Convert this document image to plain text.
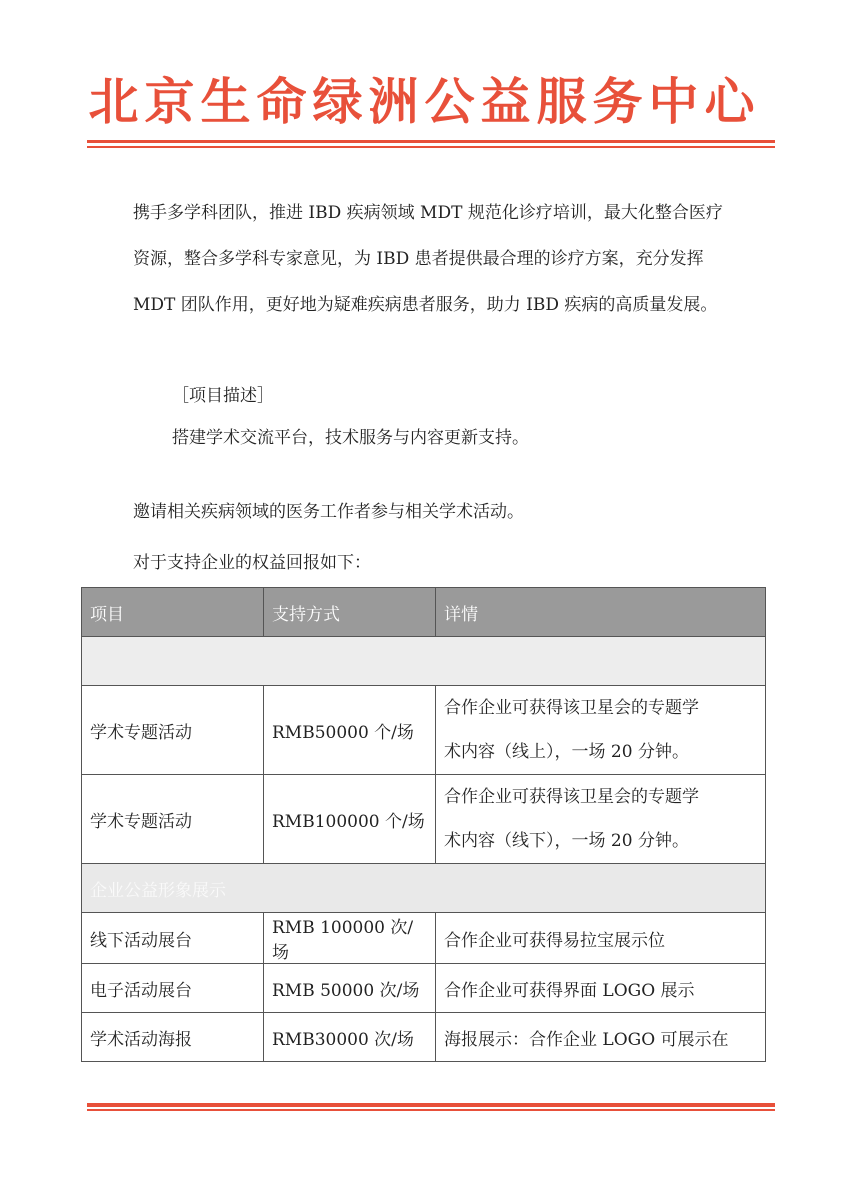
北京生命绿洲公益服务中心
携手多学科团队，推进 IBD 疾病领域 MDT 规范化诊疗培训，最大化整合医疗资源，整合多学科专家意见，为 IBD 患者提供最合理的诊疗方案，充分发挥 MDT 团队作用，更好地为疑难疾病患者服务，助力 IBD 疾病的高质量发展。
［项目描述］
搭建学术交流平台，技术服务与内容更新支持。
邀请相关疾病领域的医务工作者参与相关学术活动。
对于支持企业的权益回报如下：
项目	支持方式	详情

学术专题活动	RMB50000 个/场	合作企业可获得该卫星会的专题学
术内容（线上），一场 20 分钟。

学术专题活动	RMB100000 个/场	合作企业可获得该卫星会的专题学
术内容（线下），一场 20 分钟。

企业公益形象展示		
线下活动展台	RMB 100000 次/场	合作企业可获得易拉宝展示位
电子活动展台	RMB 50000 次/场	合作企业可获得界面 LOGO 展示
学术活动海报	RMB30000 次/场	海报展示：合作企业 LOGO 可展示在
